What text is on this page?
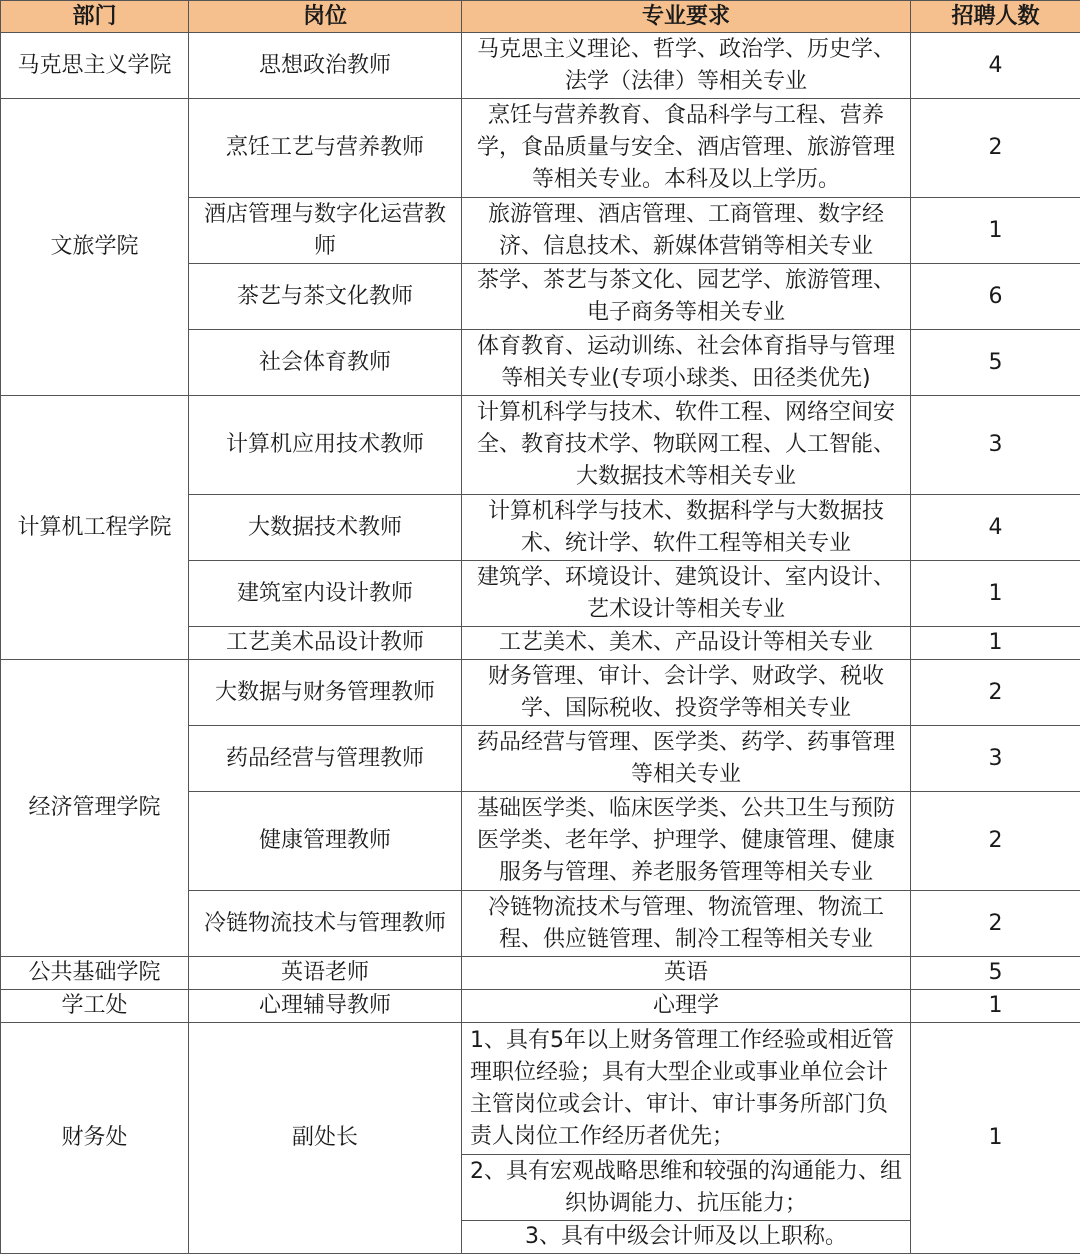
部门	岗位	专业要求	招聘人数
马克思主义学院	思想政治教师	马克思主义理论、哲学、政治学、历史学、法学（法律）等相关专业	4
文旅学院	烹饪工艺与营养教师	烹饪与营养教育、食品科学与工程、营养学，食品质量与安全、酒店管理、旅游管理等相关专业。本科及以上学历。	2
	酒店管理与数字化运营教师	旅游管理、酒店管理、工商管理、数字经济、信息技术、新媒体营销等相关专业	1
	茶艺与茶文化教师	茶学、茶艺与茶文化、园艺学、旅游管理、电子商务等相关专业	6
	社会体育教师	体育教育、运动训练、社会体育指导与管理等相关专业(专项小球类、田径类优先)	5
计算机工程学院	计算机应用技术教师	计算机科学与技术、软件工程、网络空间安全、教育技术学、物联网工程、人工智能、大数据技术等相关专业	3
	大数据技术教师	计算机科学与技术、数据科学与大数据技术、统计学、软件工程等相关专业	4
	建筑室内设计教师	建筑学、环境设计、建筑设计、室内设计、艺术设计等相关专业	1
	工艺美术品设计教师	工艺美术、美术、产品设计等相关专业	1
经济管理学院	大数据与财务管理教师	财务管理、审计、会计学、财政学、税收学、国际税收、投资学等相关专业	2
	药品经营与管理教师	药品经营与管理、医学类、药学、药事管理等相关专业	3
	健康管理教师	基础医学类、临床医学类、公共卫生与预防医学类、老年学、护理学、健康管理、健康服务与管理、养老服务管理等相关专业	2
	冷链物流技术与管理教师	冷链物流技术与管理、物流管理、物流工程、供应链管理、制冷工程等相关专业	2
公共基础学院	英语老师	英语	5
学工处	心理辅导教师	心理学	1
财务处	副处长	1、具有5年以上财务管理工作经验或相近管理职位经验；具有大型企业或事业单位会计主管岗位或会计、审计、审计事务所部门负责人岗位工作经历者优先；	1
		2、具有宏观战略思维和较强的沟通能力、组织协调能力、抗压能力；	
		3、具有中级会计师及以上职称。	
